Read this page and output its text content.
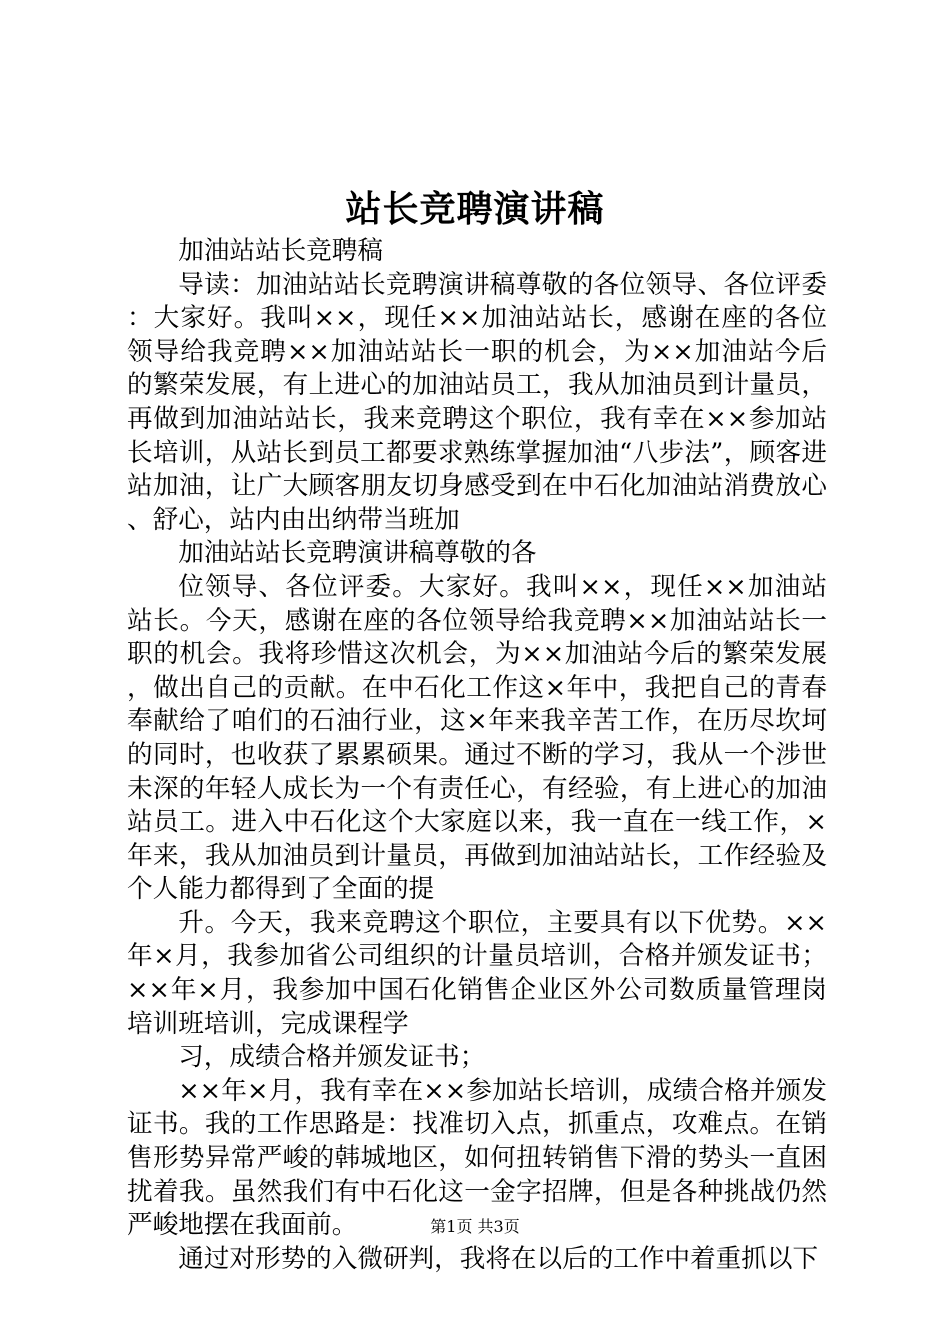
站长竞聘演讲稿

加油站站长竞聘稿

导读：加油站站长竞聘演讲稿尊敬的各位领导、各位评委：大家好。我叫××，现任××加油站站长，感谢在座的各位领导给我竞聘××加油站站长一职的机会，为××加油站今后的繁荣发展，有上进心的加油站员工，我从加油员到计量员，再做到加油站站长，我来竞聘这个职位，我有幸在××参加站长培训，从站长到员工都要求熟练掌握加油“八步法”，顾客进站加油，让广大顾客朋友切身感受到在中石化加油站消费放心、舒心，站内由出纳带当班加

加油站站长竞聘演讲稿尊敬的各

位领导、各位评委。大家好。我叫××，现任××加油站站长。今天，感谢在座的各位领导给我竞聘××加油站站长一职的机会。我将珍惜这次机会，为××加油站今后的繁荣发展，做出自己的贡献。在中石化工作这×年中，我把自己的青春奉献给了咱们的石油行业，这×年来我辛苦工作，在历尽坎坷的同时，也收获了累累硕果。通过不断的学习，我从一个涉世未深的年轻人成长为一个有责任心，有经验，有上进心的加油站员工。进入中石化这个大家庭以来，我一直在一线工作，×年来，我从加油员到计量员，再做到加油站站长，工作经验及个人能力都得到了全面的提

升。今天，我来竞聘这个职位，主要具有以下优势。××年×月，我参加省公司组织的计量员培训，合格并颁发证书；××年×月，我参加中国石化销售企业区外公司数质量管理岗培训班培训，完成课程学

习，成绩合格并颁发证书；

××年×月，我有幸在××参加站长培训，成绩合格并颁发证书。我的工作思路是：找准切入点，抓重点，攻难点。在销售形势异常严峻的韩城地区，如何扭转销售下滑的势头一直困扰着我。虽然我们有中石化这一金字招牌，但是各种挑战仍然严峻地摆在我面前。

通过对形势的入微研判，我将在以后的工作中着重抓以下

第1页 共3页
